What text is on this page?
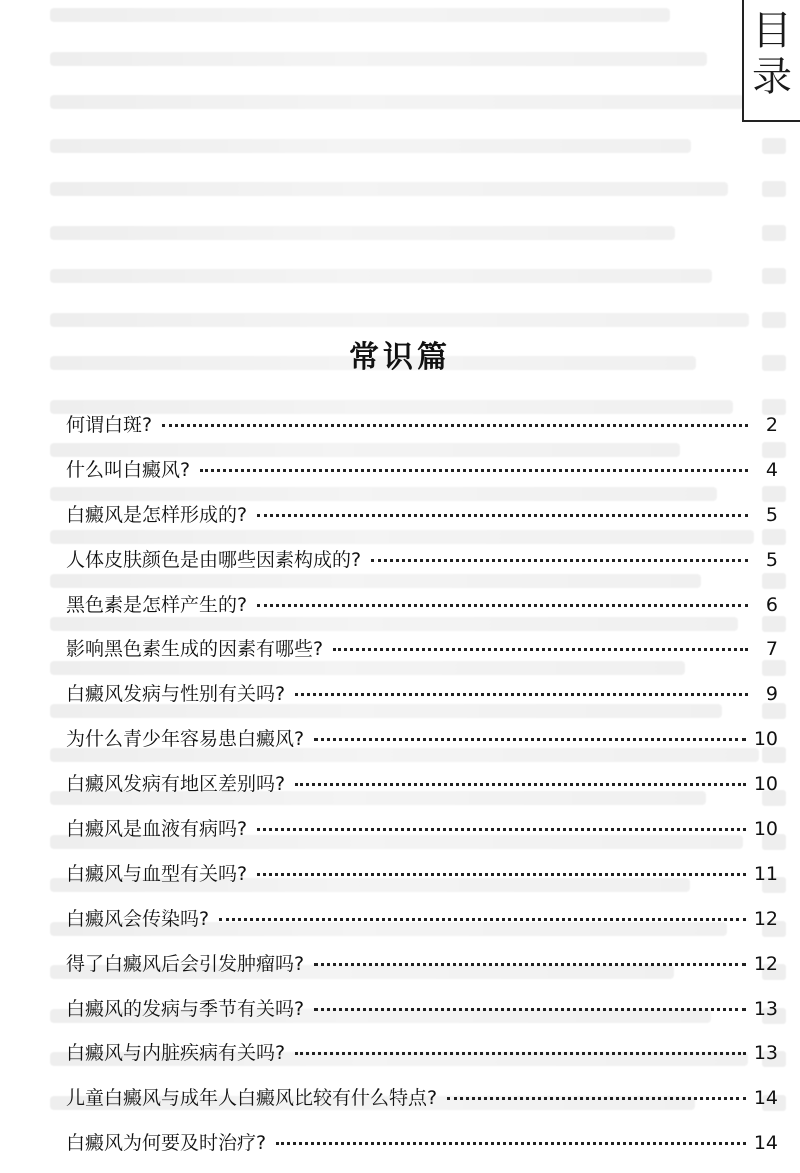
目
录
常识篇
何谓白斑?	2
什么叫白癜风?	4
白癜风是怎样形成的?	5
人体皮肤颜色是由哪些因素构成的?	5
黑色素是怎样产生的?	6
影响黑色素生成的因素有哪些?	7
白癜风发病与性别有关吗?	9
为什么青少年容易患白癜风?	10
白癜风发病有地区差别吗?	10
白癜风是血液有病吗?	10
白癜风与血型有关吗?	11
白癜风会传染吗?	12
得了白癜风后会引发肿瘤吗?	12
白癜风的发病与季节有关吗?	13
白癜风与内脏疾病有关吗?	13
儿童白癜风与成年人白癜风比较有什么特点?	14
白癜风为何要及时治疗?	14
